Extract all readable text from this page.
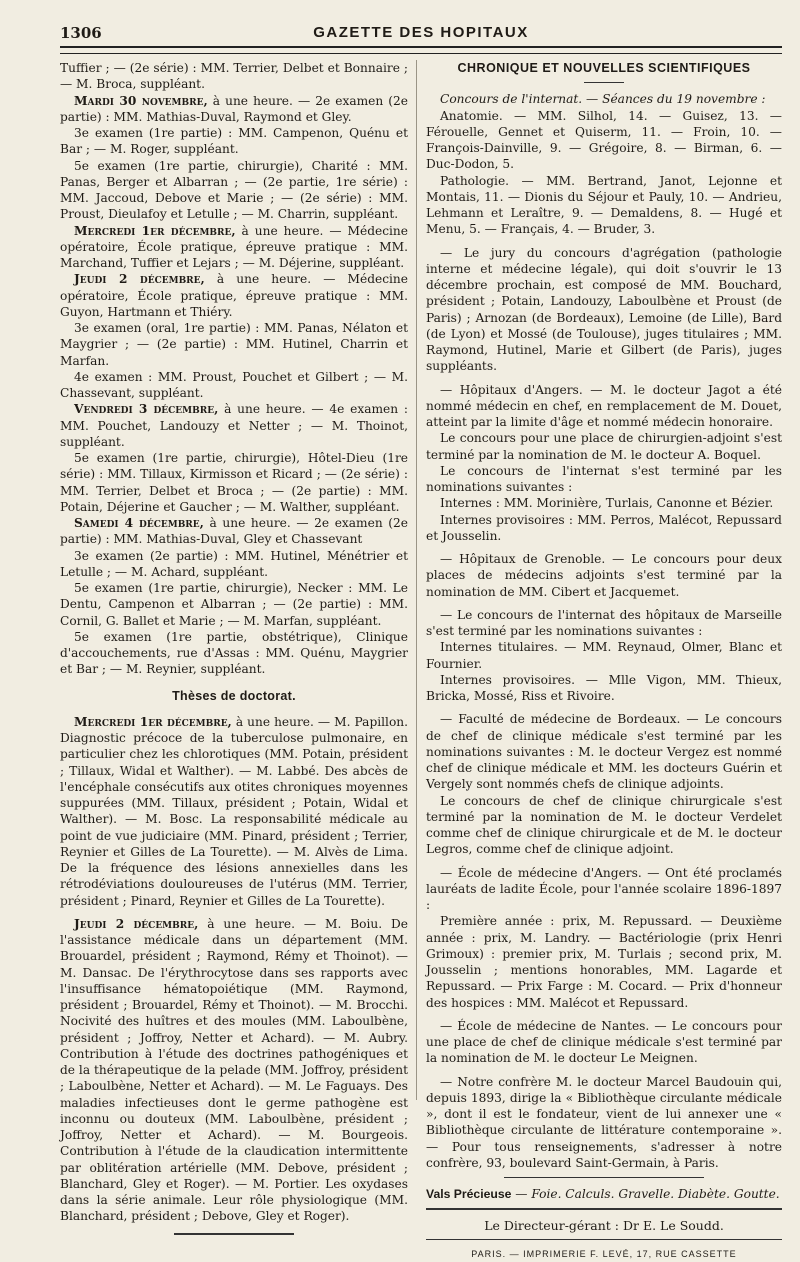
1306	GAZETTE DES HOPITAUX

Tuffier ; — (2e série) : MM. Terrier, Delbet et Bonnaire ; — M. Broca, suppléant.

Mardi 30 novembre, à une heure. — 2e examen (2e partie) : MM. Mathias-Duval, Raymond et Gley.

3e examen (1re partie) : MM. Campenon, Quénu et Bar ; — M. Roger, suppléant.

5e examen (1re partie, chirurgie), Charité : MM. Panas, Berger et Albarran ; — (2e partie, 1re série) : MM. Jaccoud, Debove et Marie ; — (2e série) : MM. Proust, Dieulafoy et Letulle ; — M. Charrin, suppléant.

Mercredi 1er décembre, à une heure. — Médecine opératoire, École pratique, épreuve pratique : MM. Marchand, Tuffier et Lejars ; — M. Déjerine, suppléant.

Jeudi 2 décembre, à une heure. — Médecine opératoire, École pratique, épreuve pratique : MM. Guyon, Hartmann et Thiéry.

3e examen (oral, 1re partie) : MM. Panas, Nélaton et Maygrier ; — (2e partie) : MM. Hutinel, Charrin et Marfan.

4e examen : MM. Proust, Pouchet et Gilbert ; — M. Chassevant, suppléant.

Vendredi 3 décembre, à une heure. — 4e examen : MM. Pouchet, Landouzy et Netter ; — M. Thoinot, suppléant.

5e examen (1re partie, chirurgie), Hôtel-Dieu (1re série) : MM. Tillaux, Kirmisson et Ricard ; — (2e série) : MM. Terrier, Delbet et Broca ; — (2e partie) : MM. Potain, Déjerine et Gaucher ; — M. Walther, suppléant.

Samedi 4 décembre, à une heure. — 2e examen (2e partie) : MM. Mathias-Duval, Gley et Chassevant

3e examen (2e partie) : MM. Hutinel, Ménétrier et Letulle ; — M. Achard, suppléant.

5e examen (1re partie, chirurgie), Necker : MM. Le Dentu, Campenon et Albarran ; — (2e partie) : MM. Cornil, G. Ballet et Marie ; — M. Marfan, suppléant.

5e examen (1re partie, obstétrique), Clinique d'accouchements, rue d'Assas : MM. Quénu, Maygrier et Bar ; — M. Reynier, suppléant.

Thèses de doctorat.

Mercredi 1er décembre, à une heure. — M. Papillon. Diagnostic précoce de la tuberculose pulmonaire, en particulier chez les chlorotiques (MM. Potain, président ; Tillaux, Widal et Walther). — M. Labbé. Des abcès de l'encéphale consécutifs aux otites chroniques moyennes suppurées (MM. Tillaux, président ; Potain, Widal et Walther). — M. Bosc. La responsabilité médicale au point de vue judiciaire (MM. Pinard, président ; Terrier, Reynier et Gilles de La Tourette). — M. Alvès de Lima. De la fréquence des lésions annexielles dans les rétrodéviations douloureuses de l'utérus (MM. Terrier, président ; Pinard, Reynier et Gilles de La Tourette).

Jeudi 2 décembre, à une heure. — M. Boiu. De l'assistance médicale dans un département (MM. Brouardel, président ; Raymond, Rémy et Thoinot). — M. Dansac. De l'érythrocytose dans ses rapports avec l'insuffisance hématopoiétique (MM. Raymond, président ; Brouardel, Rémy et Thoinot). — M. Brocchi. Nocivité des huîtres et des moules (MM. Laboulbène, président ; Joffroy, Netter et Achard). — M. Aubry. Contribution à l'étude des doctrines pathogéniques et de la thérapeutique de la pelade (MM. Joffroy, président ; Laboulbène, Netter et Achard). — M. Le Faguays. Des maladies infectieuses dont le germe pathogène est inconnu ou douteux (MM. Laboulbène, président ; Joffroy, Netter et Achard). — M. Bourgeois. Contribution à l'étude de la claudication intermittente par oblitération artérielle (MM. Debove, président ; Blanchard, Gley et Roger). — M. Portier. Les oxydases dans la série animale. Leur rôle physiologique (MM. Blanchard, président ; Debove, Gley et Roger).

CHRONIQUE ET NOUVELLES SCIENTIFIQUES

Concours de l'internat. — Séances du 19 novembre :

Anatomie. — MM. Silhol, 14. — Guisez, 13. — Férouelle, Gennet et Quiserm, 11. — Froin, 10. — François-Dainville, 9. — Grégoire, 8. — Birman, 6. — Duc-Dodon, 5.

Pathologie. — MM. Bertrand, Janot, Lejonne et Montais, 11. — Dionis du Séjour et Pauly, 10. — Andrieu, Lehmann et Leraître, 9. — Demaldens, 8. — Hugé et Menu, 5. — Français, 4. — Bruder, 3.

— Le jury du concours d'agrégation (pathologie interne et médecine légale), qui doit s'ouvrir le 13 décembre prochain, est composé de MM. Bouchard, président ; Potain, Landouzy, Laboulbène et Proust (de Paris) ; Arnozan (de Bordeaux), Lemoine (de Lille), Bard (de Lyon) et Mossé (de Toulouse), juges titulaires ; MM. Raymond, Hutinel, Marie et Gilbert (de Paris), juges suppléants.

— Hôpitaux d'Angers. — M. le docteur Jagot a été nommé médecin en chef, en remplacement de M. Douet, atteint par la limite d'âge et nommé médecin honoraire.

Le concours pour une place de chirurgien-adjoint s'est terminé par la nomination de M. le docteur A. Boquel.

Le concours de l'internat s'est terminé par les nominations suivantes :

Internes : MM. Morinière, Turlais, Canonne et Bézier.

Internes provisoires : MM. Perros, Malécot, Repussard et Jousselin.

— Hôpitaux de Grenoble. — Le concours pour deux places de médecins adjoints s'est terminé par la nomination de MM. Cibert et Jacquemet.

— Le concours de l'internat des hôpitaux de Marseille s'est terminé par les nominations suivantes :

Internes titulaires. — MM. Reynaud, Olmer, Blanc et Fournier.

Internes provisoires. — Mlle Vigon, MM. Thieux, Bricka, Mossé, Riss et Rivoire.

— Faculté de médecine de Bordeaux. — Le concours de chef de clinique médicale s'est terminé par les nominations suivantes : M. le docteur Vergez est nommé chef de clinique médicale et MM. les docteurs Guérin et Vergely sont nommés chefs de clinique adjoints.

Le concours de chef de clinique chirurgicale s'est terminé par la nomination de M. le docteur Verdelet comme chef de clinique chirurgicale et de M. le docteur Legros, comme chef de clinique adjoint.

— École de médecine d'Angers. — Ont été proclamés lauréats de ladite École, pour l'année scolaire 1896-1897 :

Première année : prix, M. Repussard. — Deuxième année : prix, M. Landry. — Bactériologie (prix Henri Grimoux) : premier prix, M. Turlais ; second prix, M. Jousselin ; mentions honorables, MM. Lagarde et Repussard. — Prix Farge : M. Cocard. — Prix d'honneur des hospices : MM. Malécot et Repussard.

— École de médecine de Nantes. — Le concours pour une place de chef de clinique médicale s'est terminé par la nomination de M. le docteur Le Meignen.

— Notre confrère M. le docteur Marcel Baudouin qui, depuis 1893, dirige la « Bibliothèque circulante médicale », dont il est le fondateur, vient de lui annexer une « Bibliothèque circulante de littérature contemporaine ». — Pour tous renseignements, s'adresser à notre confrère, 93, boulevard Saint-Germain, à Paris.

Vals Précieuse — Foie. Calculs. Gravelle. Diabète. Goutte.

Le Directeur-gérant : Dr E. Le Soudd.
PARIS. — IMPRIMERIE F. LEVÉ, 17, RUE CASSETTE
